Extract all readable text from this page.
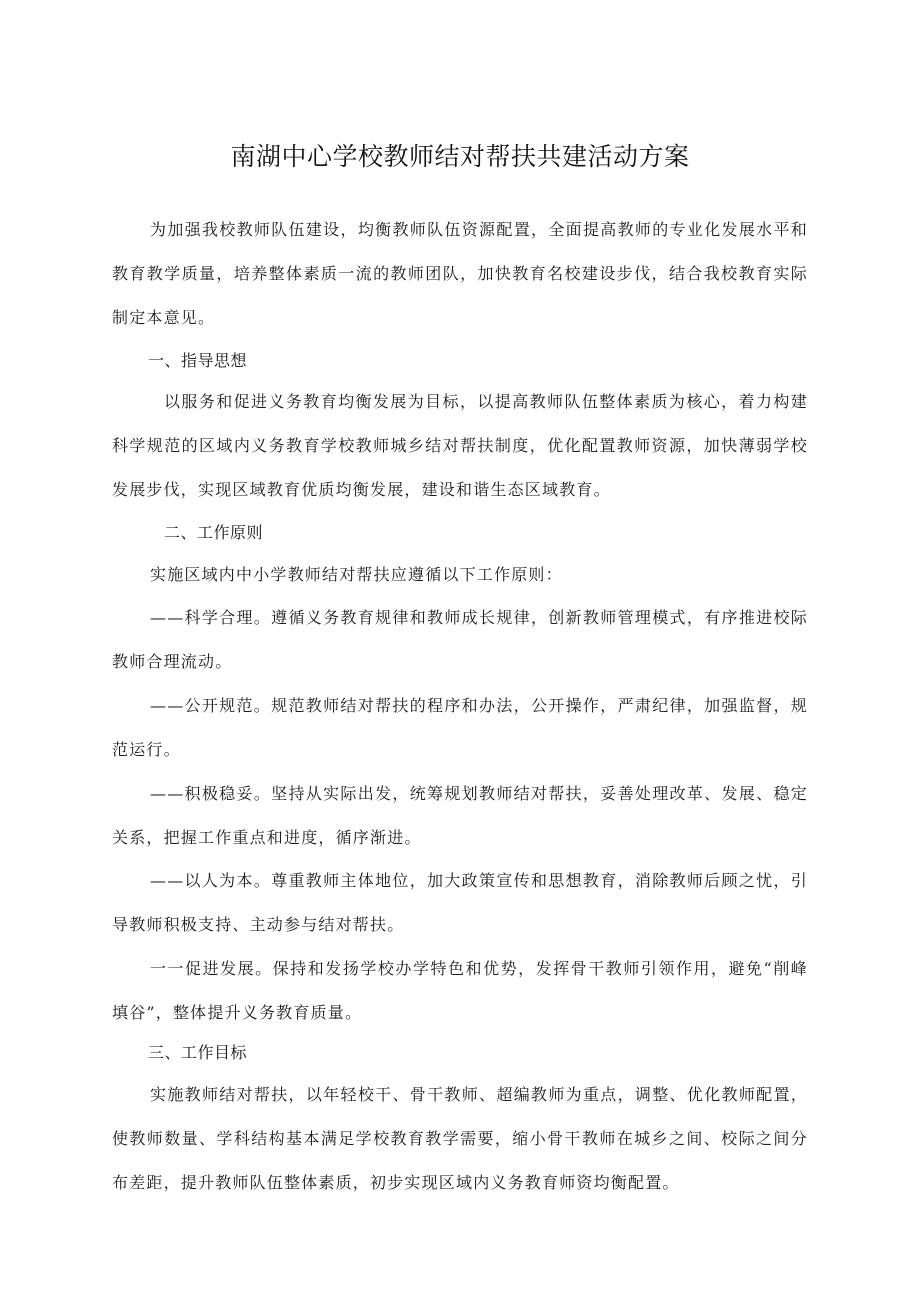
南湖中心学校教师结对帮扶共建活动方案

为加强我校教师队伍建设，均衡教师队伍资源配置，全面提高教师的专业化发展水平和教育教学质量，培养整体素质一流的教师团队，加快教育名校建设步伐，结合我校教育实际制定本意见。

一、指导思想

以服务和促进义务教育均衡发展为目标，以提高教师队伍整体素质为核心，着力构建科学规范的区域内义务教育学校教师城乡结对帮扶制度，优化配置教师资源，加快薄弱学校发展步伐，实现区域教育优质均衡发展，建设和谐生态区域教育。

二、工作原则

实施区域内中小学教师结对帮扶应遵循以下工作原则：

——科学合理。遵循义务教育规律和教师成长规律，创新教师管理模式，有序推进校际教师合理流动。

——公开规范。规范教师结对帮扶的程序和办法，公开操作，严肃纪律，加强监督，规范运行。

——积极稳妥。坚持从实际出发，统筹规划教师结对帮扶，妥善处理改革、发展、稳定关系，把握工作重点和进度，循序渐进。

——以人为本。尊重教师主体地位，加大政策宣传和思想教育，消除教师后顾之忧，引导教师积极支持、主动参与结对帮扶。

一一促进发展。保持和发扬学校办学特色和优势，发挥骨干教师引领作用，避免“削峰填谷”，整体提升义务教育质量。

三、工作目标

实施教师结对帮扶，以年轻校干、骨干教师、超编教师为重点，调整、优化教师配置，使教师数量、学科结构基本满足学校教育教学需要，缩小骨干教师在城乡之间、校际之间分布差距，提升教师队伍整体素质，初步实现区域内义务教育师资均衡配置。
